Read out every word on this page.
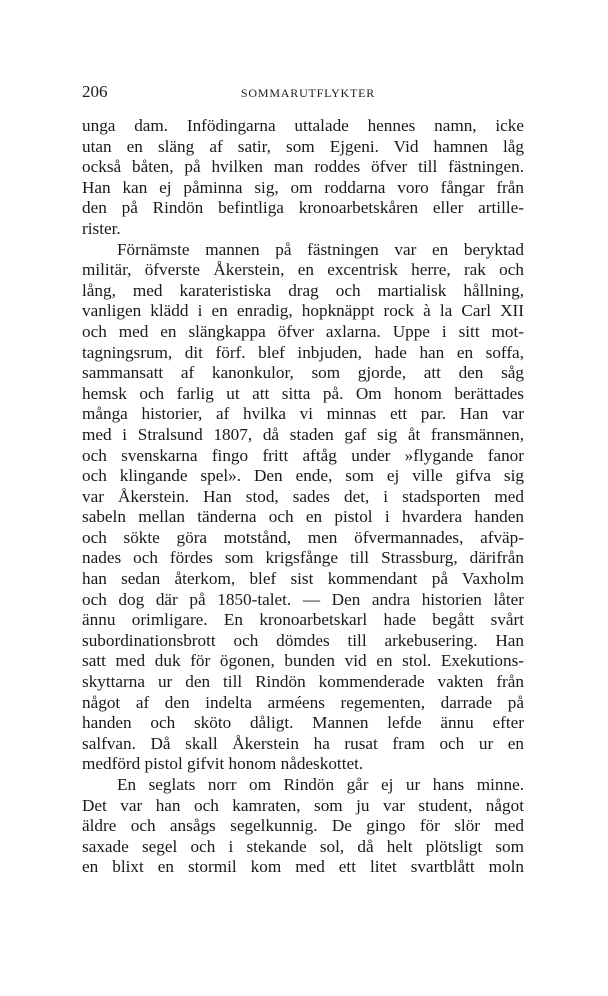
206	SOMMARUTFLYKTER
unga dam. Infödingarna uttalade hennes namn, icke
utan en släng af satir, som Ejgeni. Vid hamnen låg
också båten, på hvilken man roddes öfver till fästningen.
Han kan ej påminna sig, om roddarna voro fångar från
den på Rindön befintliga kronoarbetskåren eller artille-
rister.
Förnämste mannen på fästningen var en beryktad
militär, öfverste Åkerstein, en excentrisk herre, rak och
lång, med karateristiska drag och martialisk hållning,
vanligen klädd i en enradig, hopknäppt rock à la Carl XII
och med en slängkappa öfver axlarna. Uppe i sitt mot-
tagningsrum, dit förf. blef inbjuden, hade han en soffa,
sammansatt af kanonkulor, som gjorde, att den såg
hemsk och farlig ut att sitta på. Om honom berättades
många historier, af hvilka vi minnas ett par. Han var
med i Stralsund 1807, då staden gaf sig åt fransmännen,
och svenskarna fingo fritt aftåg under »flygande fanor
och klingande spel». Den ende, som ej ville gifva sig
var Åkerstein. Han stod, sades det, i stadsporten med
sabeln mellan tänderna och en pistol i hvardera handen
och sökte göra motstånd, men öfvermannades, afväp-
nades och fördes som krigsfånge till Strassburg, därifrån
han sedan återkom, blef sist kommendant på Vaxholm
och dog där på 1850-talet. — Den andra historien låter
ännu orimligare. En kronoarbetskarl hade begått svårt
subordinationsbrott och dömdes till arkebusering. Han
satt med duk för ögonen, bunden vid en stol. Exekutions-
skyttarna ur den till Rindön kommenderade vakten från
något af den indelta arméens regementen, darrade på
handen och sköto dåligt. Mannen lefde ännu efter
salfvan. Då skall Åkerstein ha rusat fram och ur en
medförd pistol gifvit honom nådeskottet.
En seglats norr om Rindön går ej ur hans minne.
Det var han och kamraten, som ju var student, något
äldre och ansågs segelkunnig. De gingo för slör med
saxade segel och i stekande sol, då helt plötsligt som
en blixt en stormil kom med ett litet svartblått moln
